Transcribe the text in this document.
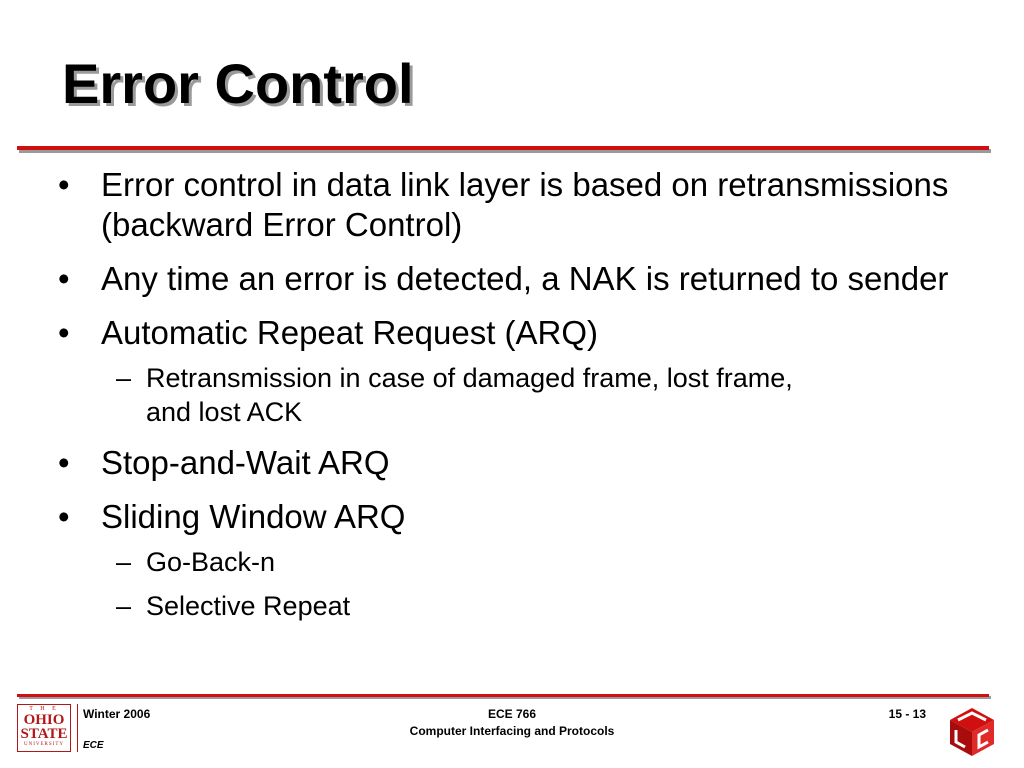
Error Control
• Error control in data link layer is based on retransmissions (backward Error Control)
• Any time an error is detected, a NAK is returned to sender
• Automatic Repeat Request (ARQ)
– Retransmission in case of damaged frame, lost frame, and lost ACK
• Stop-and-Wait ARQ
• Sliding Window ARQ
– Go-Back-n
– Selective Repeat
T H E
OHIO
STATE
UNIVERSITY
Winter 2006
ECE
ECE 766
Computer Interfacing and Protocols
15 - 13
